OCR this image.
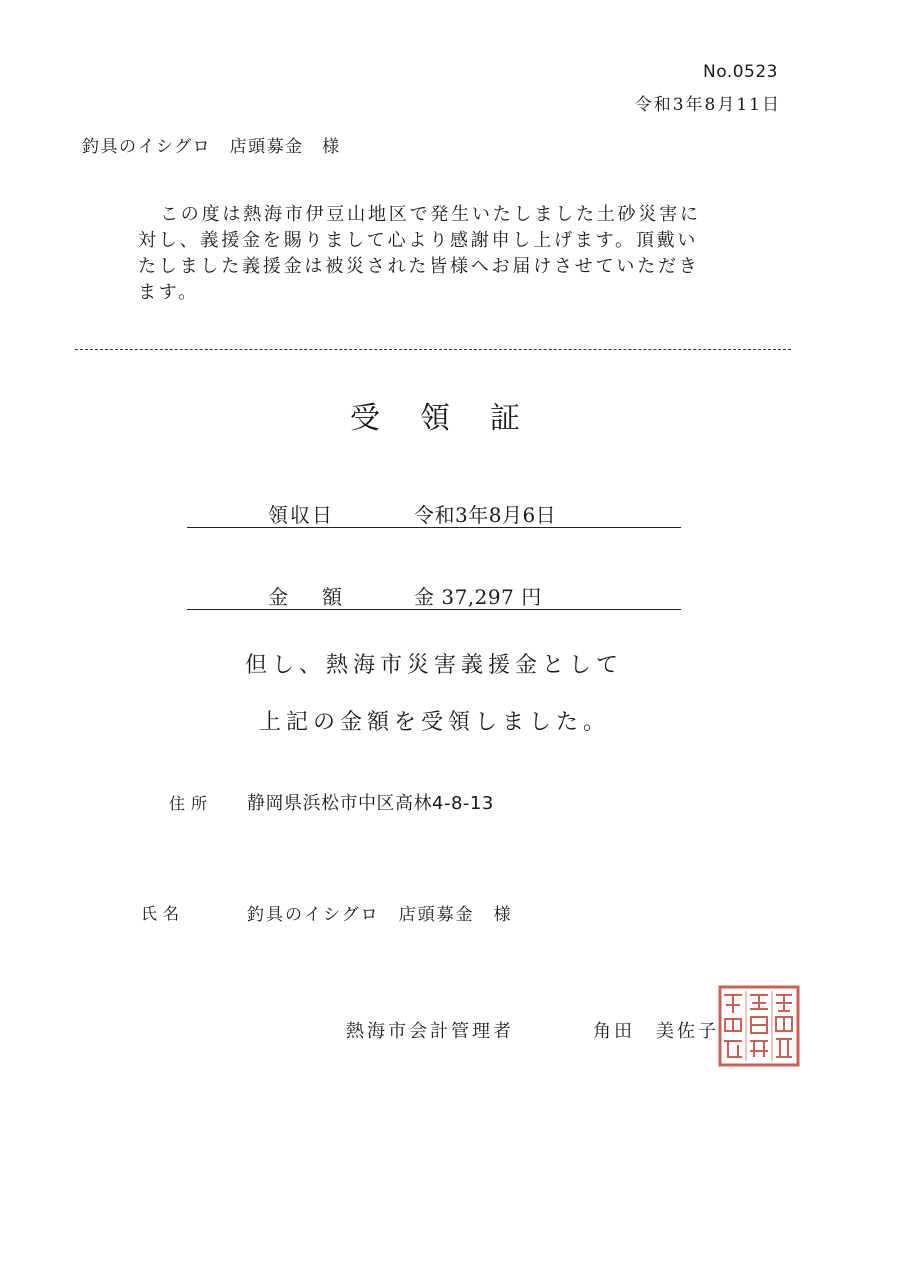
No.0523
令和3年8月11日
釣具のイシグロ　店頭募金　様

この度は熱海市伊豆山地区で発生いたしました土砂災害に対し、義援金を賜りまして心より感謝申し上げます。頂戴いたしました義援金は被災された皆様へお届けさせていただきます。

受領証
領収日	令和3年8月6日
金額 金 37,297 円
但し、熱海市災害義援金として
上記の金額を受領しました。
住所 静岡県浜松市中区高林4-8-13
氏名	釣具のイシグロ　店頭募金　様
熱海市会計管理者	角田　美佐子
